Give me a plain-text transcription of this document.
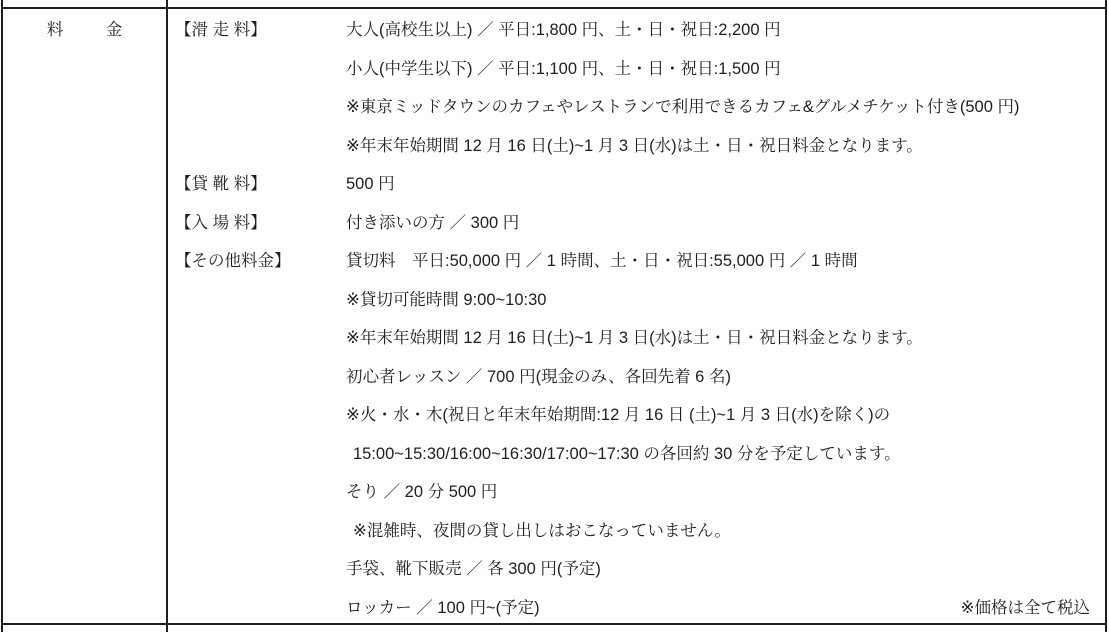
料　金	【滑 走 料】	大人(高校生以上) ／ 平日:1,800 円、土・日・祝日:2,200 円
小人(中学生以下) ／ 平日:1,100 円、土・日・祝日:1,500 円
※東京ミッドタウンのカフェやレストランで利用できるカフェ&グルメチケット付き(500 円)
※年末年始期間 12 月 16 日(土)~1 月 3 日(水)は土・日・祝日料金となります。
【貸 靴 料】	500 円
【入 場 料】	付き添いの方 ／ 300 円
【その他料金】	貸切料　平日:50,000 円 ／ 1 時間、土・日・祝日:55,000 円 ／ 1 時間
※貸切可能時間 9:00~10:30
※年末年始期間 12 月 16 日(土)~1 月 3 日(水)は土・日・祝日料金となります。
初心者レッスン ／ 700 円(現金のみ、各回先着 6 名)
※火・水・木(祝日と年末年始期間:12 月 16 日 (土)~1 月 3 日(水)を除く)の
15:00~15:30/16:00~16:30/17:00~17:30 の各回約 30 分を予定しています。
そり ／ 20 分 500 円
※混雑時、夜間の貸し出しはおこなっていません。
手袋、靴下販売 ／ 各 300 円(予定)
ロッカー ／ 100 円~(予定)	※価格は全て税込
